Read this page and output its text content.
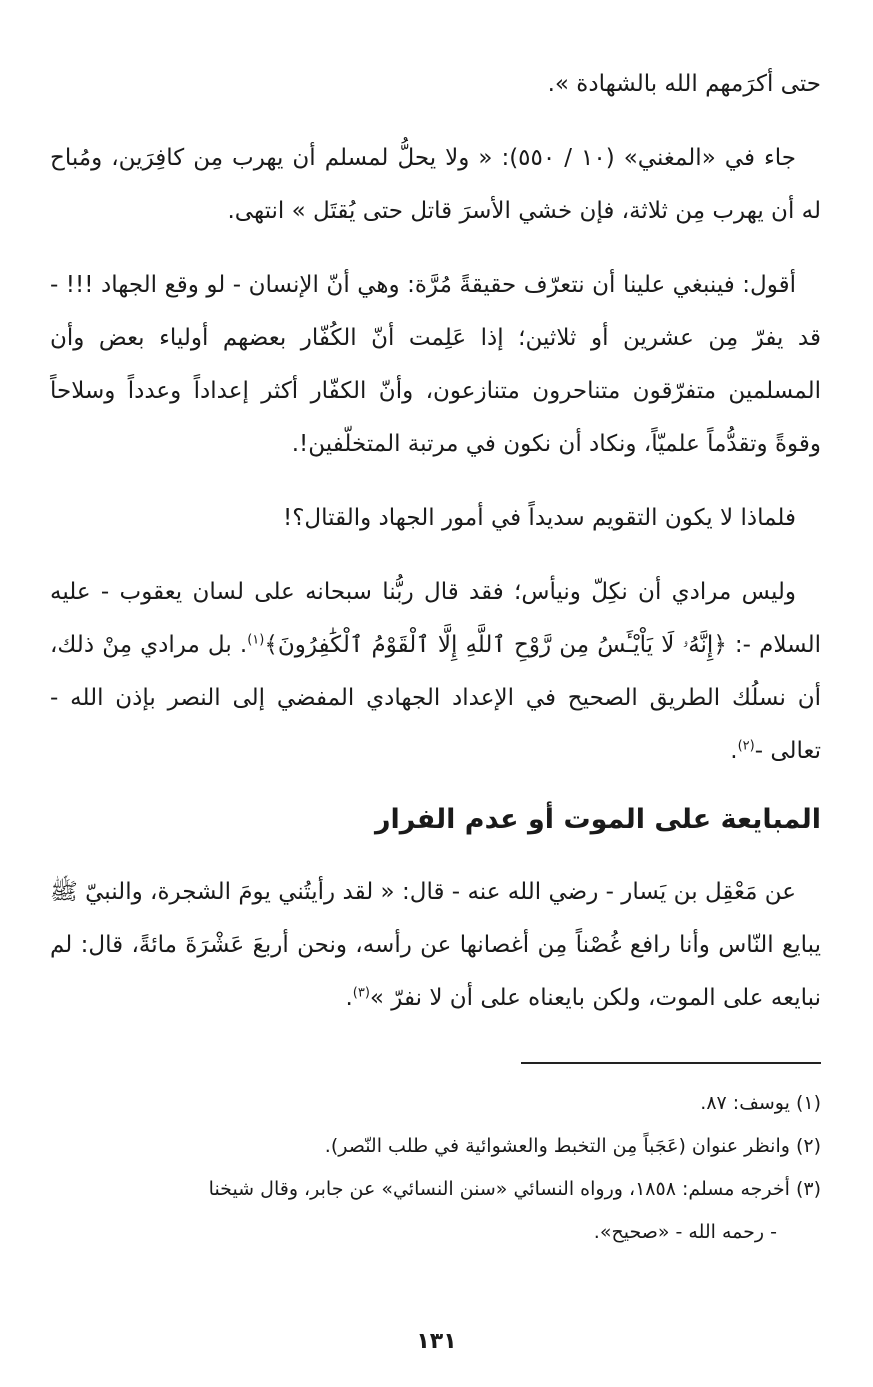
حتى أكرَمهم الله بالشهادة ».

جاء في «المغني» (١٠ / ٥٥٠): « ولا يحلُّ لمسلم أن يهرب مِن كافِرَين، ومُباح له أن يهرب مِن ثلاثة، فإن خشي الأسرَ قاتل حتى يُقتَل » انتهى.

أقول: فينبغي علينا أن نتعرّف حقيقةً مُرَّة: وهي أنّ الإنسان - لو وقع الجهاد !!! - قد يفرّ مِن عشرين أو ثلاثين؛ إذا عَلِمت أنّ الكُفّار بعضهم أولياء بعض وأن المسلمين متفرّقون متناحرون متنازعون، وأنّ الكفّار أكثر إعداداً وعدداً وسلاحاً وقوةً وتقدُّماً علميّاً، ونكاد أن نكون في مرتبة المتخلّفين!.

فلماذا لا يكون التقويم سديداً في أمور الجهاد والقتال؟!

وليس مرادي أن نكِلّ ونيأس؛ فقد قال ربُّنا سبحانه على لسان يعقوب - عليه السلام -: ﴿إِنَّهُۥ لَا يَاْيْـَٔسُ مِن رَّوْحِ ٱللَّهِ إِلَّا ٱلْقَوْمُ ٱلْكَٰفِرُونَ﴾$^{(١)}$. بل مرادي مِنْ ذلك، أن نسلُك الطريق الصحيح في الإعداد الجهادي المفضي إلى النصر بإذن الله - تعالى -$^{(٢)}$.

المبايعة على الموت أو عدم الفرار

عن مَعْقِل بن يَسار - رضي الله عنه - قال: « لقد رأيتُني يومَ الشجرة، والنبيّ ﷺ يبايع النّاس وأنا رافع غُصْناً مِن أغصانها عن رأسه، ونحن أربعَ عَشْرَةَ مائةً، قال: لم نبايعه على الموت، ولكن بايعناه على أن لا نفرّ »$^{(٣)}$.

(١) يوسف: ٨٧.

(٢) وانظر عنوان (عَجَباً مِن التخبط والعشوائية في طلب النّصر).

(٣) أخرجه مسلم: ١٨٥٨، ورواه النسائي «سنن النسائي» عن جابر، وقال شيخنا

- رحمه الله - «صحيح».

١٣١
